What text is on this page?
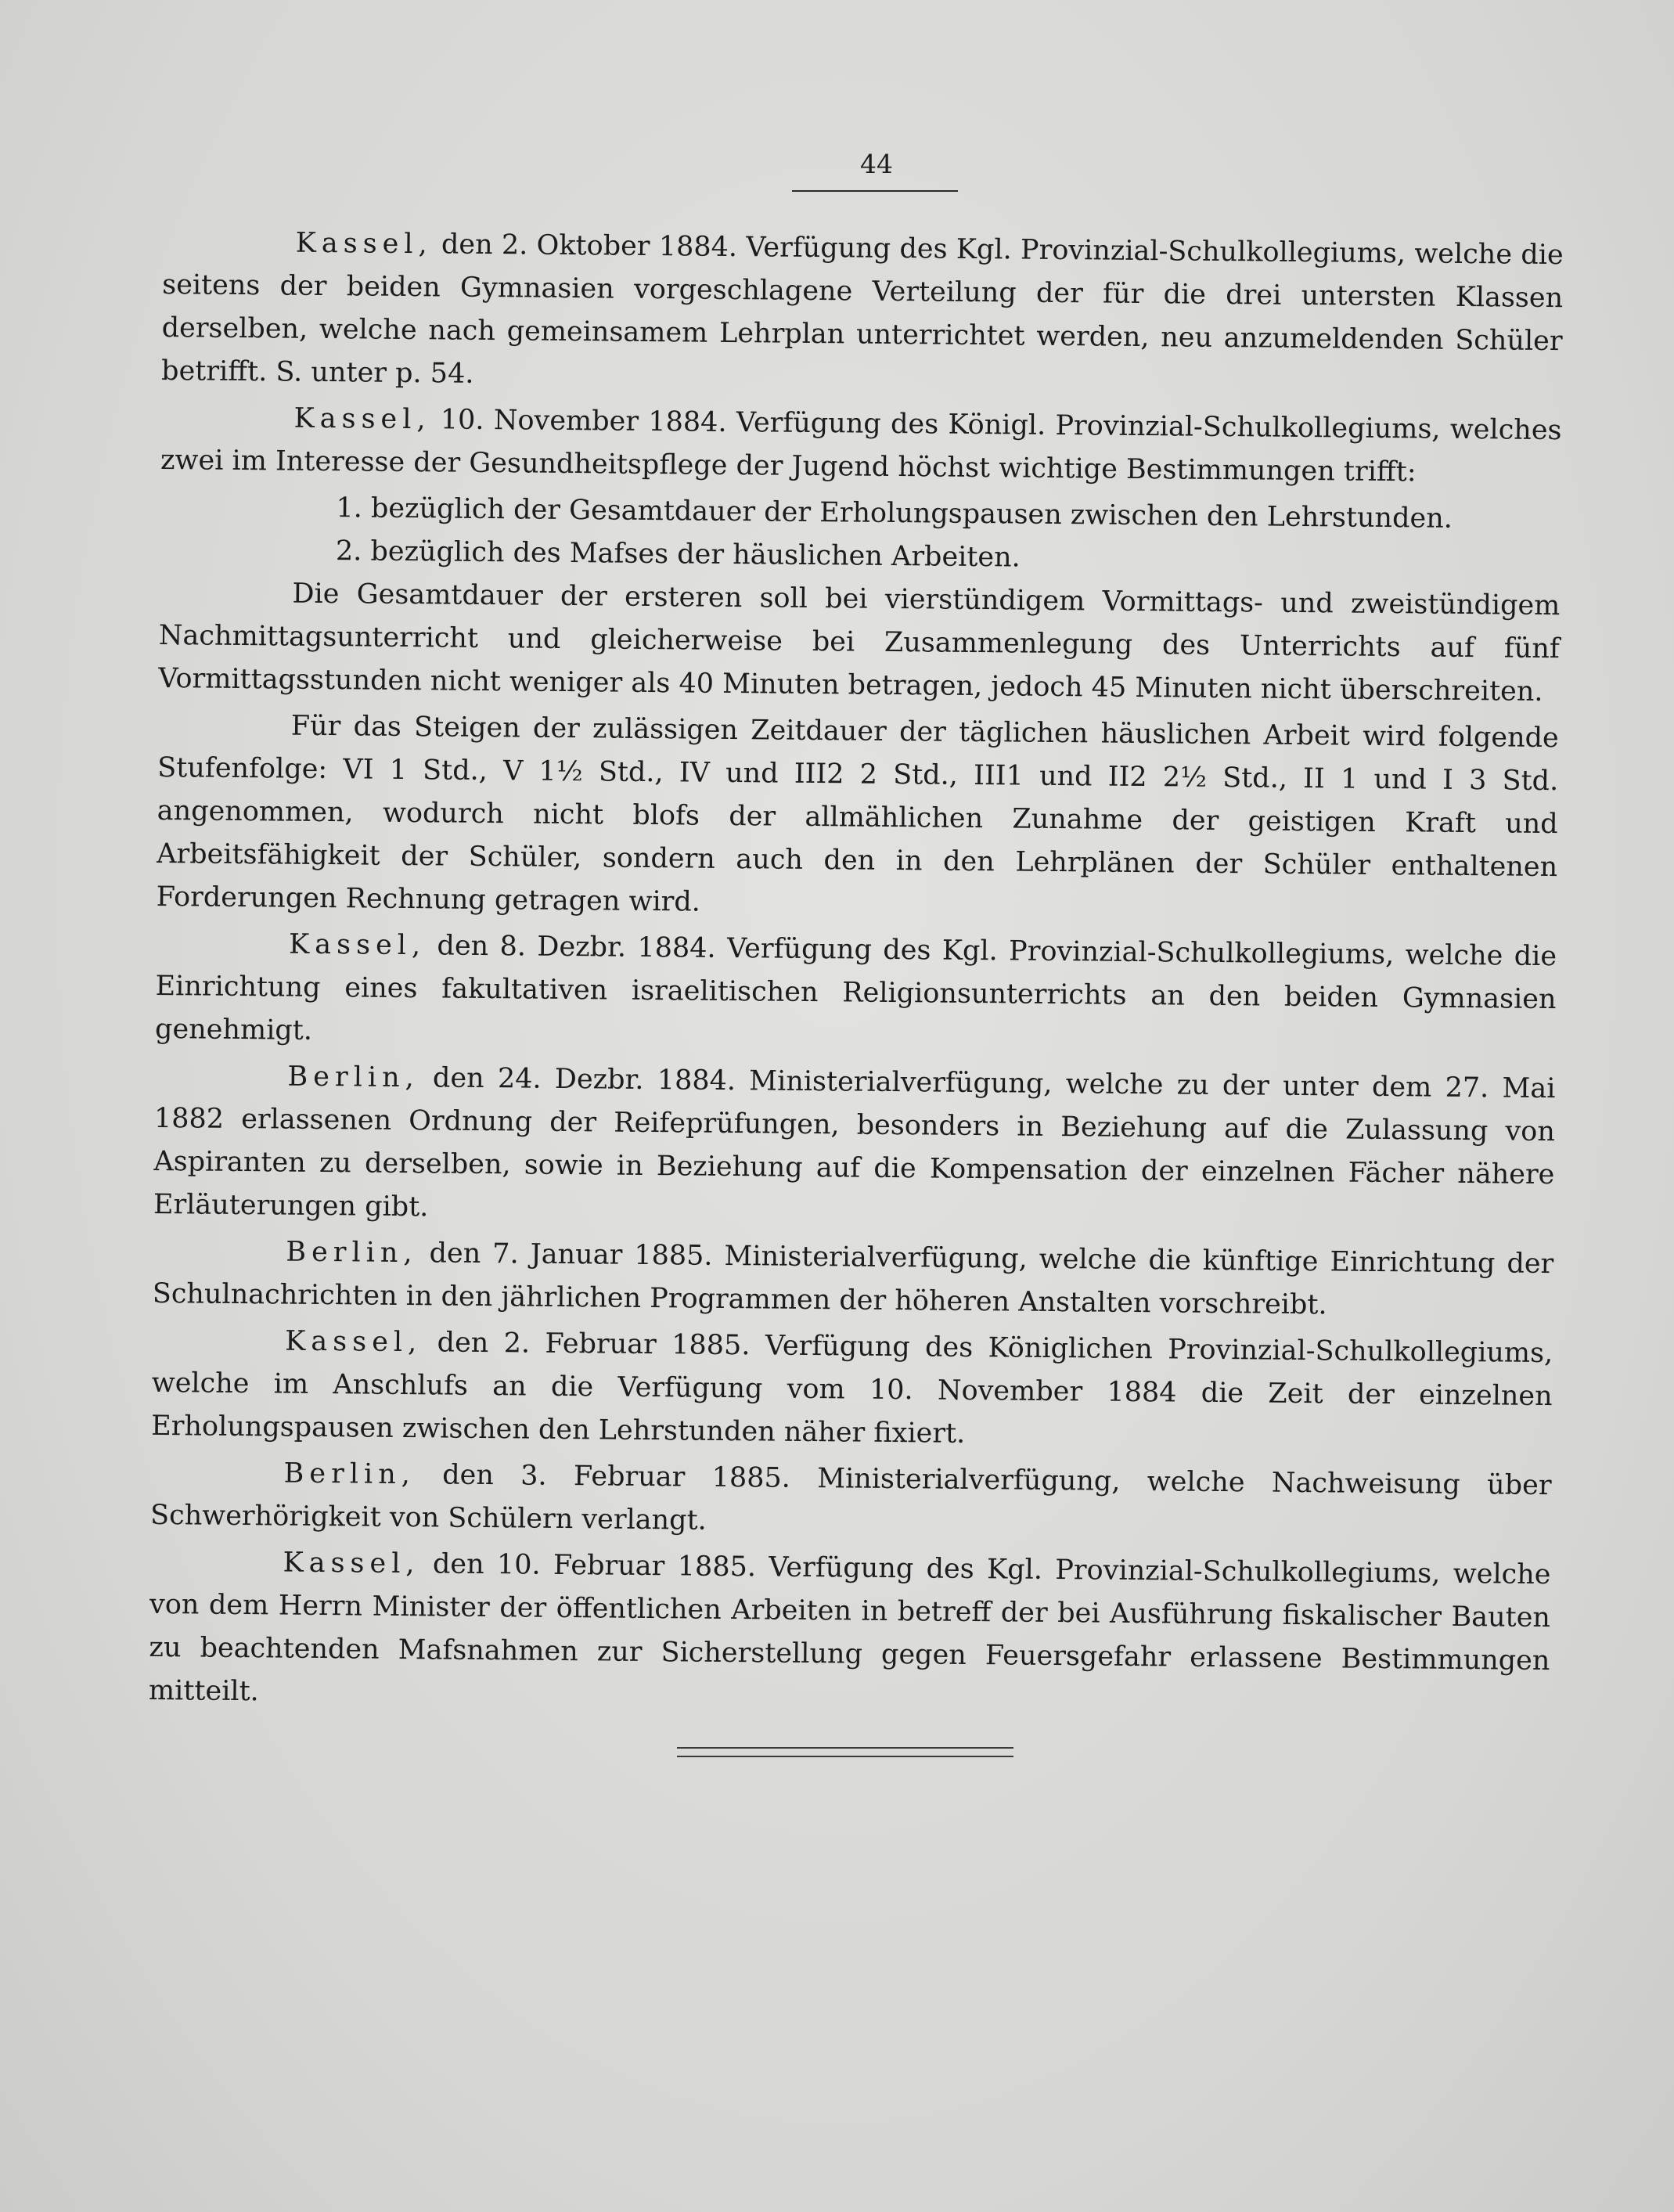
44

Kassel, den 2. Oktober 1884. Verfügung des Kgl. Provinzial-Schulkollegiums, welche die seitens der beiden Gymnasien vorgeschlagene Verteilung der für die drei untersten Klassen derselben, welche nach gemeinsamem Lehrplan unterrichtet werden, neu anzumeldenden Schüler betrifft. S. unter p. 54.

Kassel, 10. November 1884. Verfügung des Königl. Provinzial-Schulkollegiums, welches zwei im Interesse der Gesundheitspflege der Jugend höchst wichtige Bestimmungen trifft:

1. bezüglich der Gesamtdauer der Erholungspausen zwischen den Lehrstunden.

2. bezüglich des Mafses der häuslichen Arbeiten.

Die Gesamtdauer der ersteren soll bei vierstündigem Vormittags- und zweistündigem Nachmittagsunterricht und gleicherweise bei Zusammenlegung des Unterrichts auf fünf Vormittagsstunden nicht weniger als 40 Minuten betragen, jedoch 45 Minuten nicht überschreiten.

Für das Steigen der zulässigen Zeitdauer der täglichen häuslichen Arbeit wird folgende Stufenfolge: VI 1 Std., V 1½ Std., IV und III2 2 Std., III1 und II2 2½ Std., II 1 und I 3 Std. angenommen, wodurch nicht blofs der allmählichen Zunahme der geistigen Kraft und Arbeitsfähigkeit der Schüler, sondern auch den in den Lehrplänen der Schüler enthaltenen Forderungen Rechnung getragen wird.

Kassel, den 8. Dezbr. 1884. Verfügung des Kgl. Provinzial-Schulkollegiums, welche die Einrichtung eines fakultativen israelitischen Religionsunterrichts an den beiden Gymnasien genehmigt.

Berlin, den 24. Dezbr. 1884. Ministerialverfügung, welche zu der unter dem 27. Mai 1882 erlassenen Ordnung der Reifeprüfungen, besonders in Beziehung auf die Zulassung von Aspiranten zu derselben, sowie in Beziehung auf die Kompensation der einzelnen Fächer nähere Erläuterungen gibt.

Berlin, den 7. Januar 1885. Ministerialverfügung, welche die künftige Einrichtung der Schulnachrichten in den jährlichen Programmen der höheren Anstalten vorschreibt.

Kassel, den 2. Februar 1885. Verfügung des Königlichen Provinzial-Schulkollegiums, welche im Anschlufs an die Verfügung vom 10. November 1884 die Zeit der einzelnen Erholungspausen zwischen den Lehrstunden näher fixiert.

Berlin, den 3. Februar 1885. Ministerialverfügung, welche Nachweisung über Schwerhörigkeit von Schülern verlangt.

Kassel, den 10. Februar 1885. Verfügung des Kgl. Provinzial-Schulkollegiums, welche von dem Herrn Minister der öffentlichen Arbeiten in betreff der bei Ausführung fiskalischer Bauten zu beachtenden Mafsnahmen zur Sicherstellung gegen Feuersgefahr erlassene Bestimmungen mitteilt.
